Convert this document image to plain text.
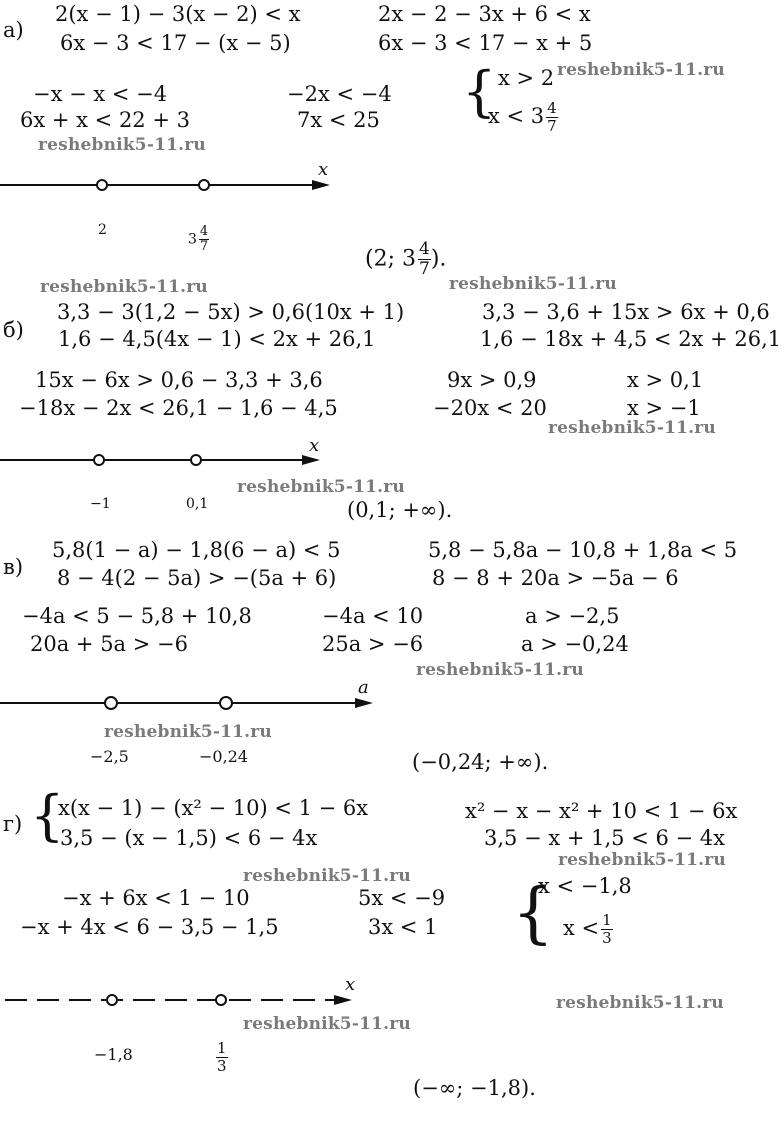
а)
2(x − 1) − 3(x − 2) < x
6x − 3 < 17 − (x − 5)
2x − 2 − 3x + 6 < x
6x − 3 < 17 − x + 5
−x − x < −4
6x + x < 22 + 3
−2x < −4
7x < 25 { x > 2
$x < 3 \frac{4}{7}$
reshebnik5-11.ru
reshebnik5-11.ru
x
2
$3 \frac{4}{7}$
(2; $3 \frac{4}{7}$ ).
reshebnik5-11.ru	reshebnik5-11.ru
б)
3,3 − 3(1,2 − 5x) > 0,6(10x + 1)
1,6 − 4,5(4x − 1) < 2x + 26,1
3,3 − 3,6 + 15x > 6x + 0,6
1,6 − 18x + 4,5 < 2x + 26,1
15x − 6x > 0,6 − 3,3 + 3,6
−18x − 2x < 26,1 − 1,6 − 4,5
9x > 0,9
−20x < 20
x > 0,1
x > −1
reshebnik5-11.ru
x
−1	0,1
reshebnik5-11.ru
(0,1; +∞).
в)
5,8(1 − a) − 1,8(6 − a) < 5
8 − 4(2 − 5a) > −(5a + 6)
5,8 − 5,8a − 10,8 + 1,8a < 5
8 − 8 + 20a > −5a − 6
−4a < 5 − 5,8 + 10,8
20a + 5a > −6
−4a < 10
25a > −6
a > −2,5
a > −0,24
reshebnik5-11.ru
a
reshebnik5-11.ru
−2,5	−0,24	(−0,24; +∞).
г) {
x(x − 1) − (x² − 10) < 1 − 6x
3,5 − (x − 1,5) < 6 − 4x
x² − x − x² + 10 < 1 − 6x
3,5 − x + 1,5 < 6 − 4x
reshebnik5-11.ru
reshebnik5-11.ru
−x + 6x < 1 − 10
−x + 4x < 6 − 3,5 − 1,5
5x < −9
3x < 1 {
x < −1,8
$x < \frac{1}{3}$
x
reshebnik5-11.ru
reshebnik5-11.ru
−1,8	$\frac{1}{3}$
(−∞; −1,8).
